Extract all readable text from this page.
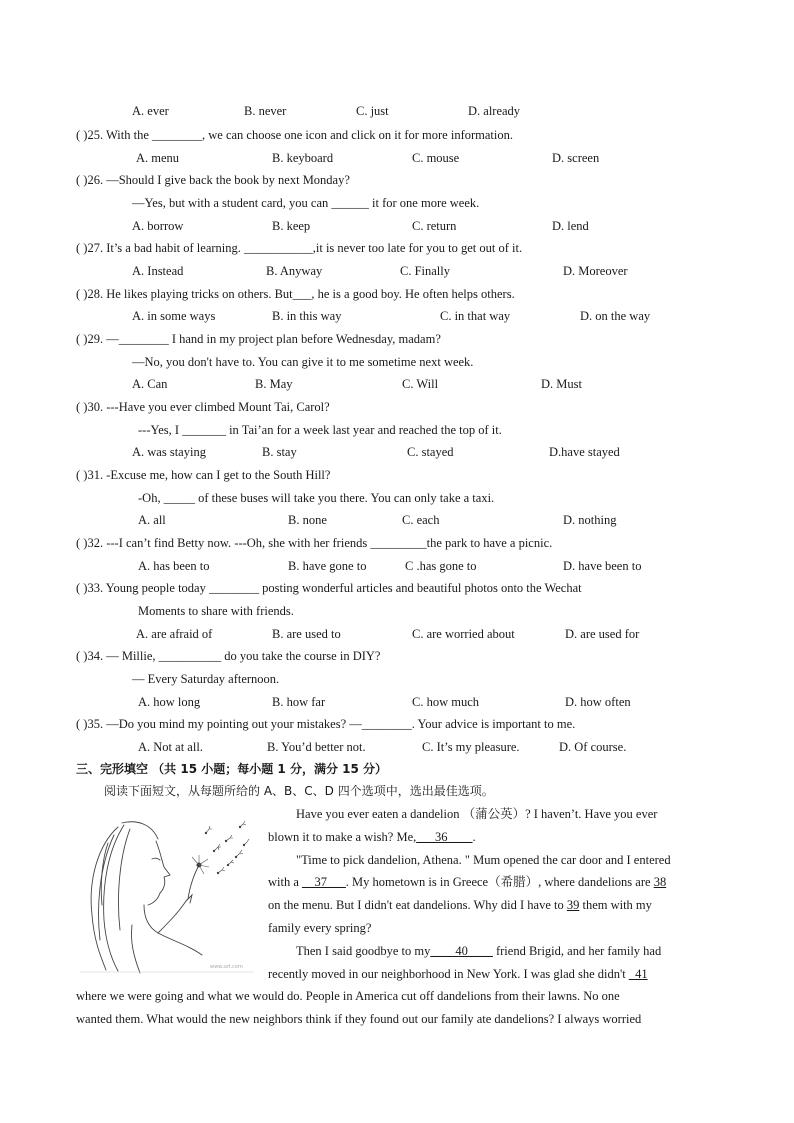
A. ever	B. never	C. just	D. already
( )25. With the ________, we can choose one icon and click on it for more information.
A. menu	B. keyboard	C. mouse	D. screen
( )26. —Should I give back the book by next Monday?
—Yes, but with a student card, you can ______ it for one more week.
A. borrow	B. keep	C. return	D. lend
( )27. It’s a bad habit of learning. ___________,it is never too late for you to get out of it.
A. Instead	B. Anyway	C. Finally	D. Moreover
( )28. He likes playing tricks on others. But___, he is a good boy. He often helps others.
A. in some ways	B. in this way	C. in that way	D. on the way
( )29. —________ I hand in my project plan before Wednesday, madam?
—No, you don't have to. You can give it to me sometime next week.
A. Can	B. May	C. Will	D. Must
( )30. ---Have you ever climbed Mount Tai, Carol?
---Yes, I _______ in Tai’an for a week last year and reached the top of it.
A. was staying	B. stay	C. stayed	D.have stayed
( )31. -Excuse me, how can I get to the South Hill?
-Oh, _____ of these buses will take you there. You can only take a taxi.
A. all	B. none	C. each	D. nothing
( )32. ---I can’t find Betty now. ---Oh, she with her friends _________the park to have a picnic.
A. has been to	B. have gone to	C .has gone to	D. have been to
( )33. Young people today ________ posting wonderful articles and beautiful photos onto the Wechat
Moments to share with friends.
A. are afraid of	B. are used to	C. are worried about	D. are used for
( )34. — Millie, __________ do you take the course in DIY?
— Every Saturday afternoon.
A. how long	B. how far	C. how much	D. how often
( )35. —Do you mind my pointing out your mistakes? —________. Your advice is important to me.
A. Not at all.	B. You’d better not.	C. It’s my pleasure.	D. Of course.
三、完形填空 （共 15 小题；每小题 1 分，满分 15 分）
阅读下面短文，从每题所给的 A、B、C、D 四个选项中，选出最佳选项。
www.szt.com
Have you ever eaten a dandelion （蒲公英）? I haven’t. Have you ever
blown it to make a wish? Me,___36____.
"Time to pick dandelion, Athena. " Mum opened the car door and I entered
with a __37___. My hometown is in Greece（希腊）, where dandelions are 38
on the menu. But I didn't eat dandelions. Why did I have to 39 them with my
family every spring?
Then I said goodbye to my____40____ friend Brigid, and her family had
recently moved in our neighborhood in New York. I was glad she didn't _41
where we were going and what we would do. People in America cut off dandelions from their lawns. No one
wanted them. What would the new neighbors think if they found out our family ate dandelions? I always worried
